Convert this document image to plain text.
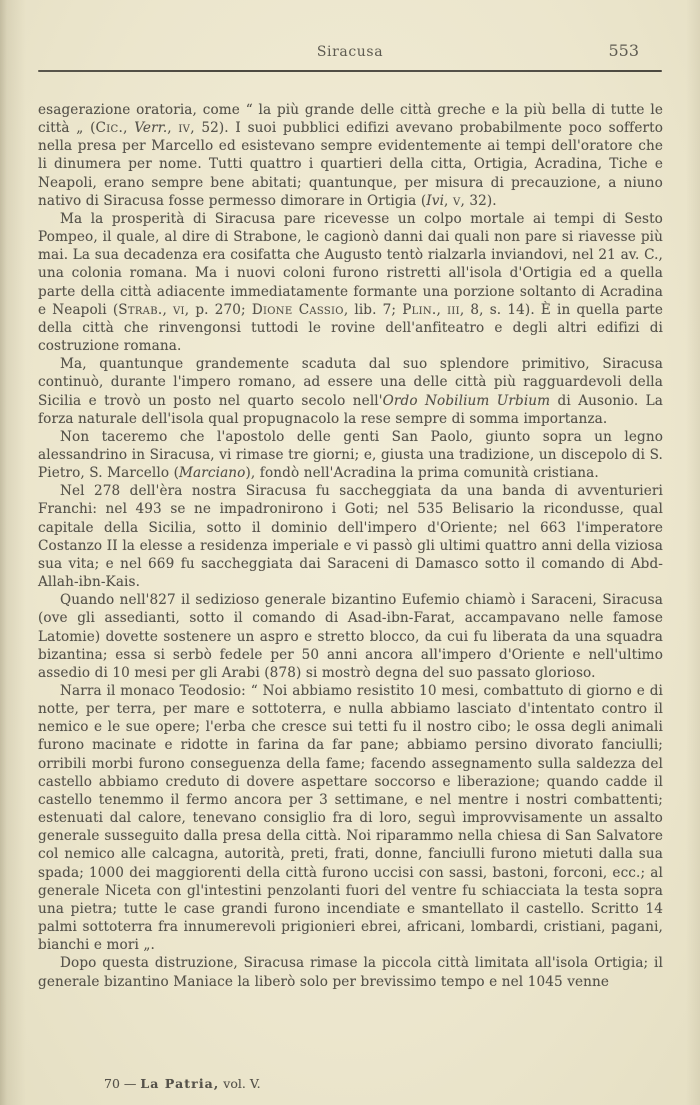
Siracusa	553

esagerazione oratoria, come “ la più grande delle città greche e la più bella di tutte le città „ (Cic., Verr., iv, 52). I suoi pubblici edifizi avevano probabilmente poco sofferto nella presa per Marcello ed esistevano sempre evidentemente ai tempi dell'oratore che li dinumera per nome. Tutti quattro i quartieri della citta, Ortigia, Acradina, Tiche e Neapoli, erano sempre bene abitati; quantunque, per misura di precauzione, a niuno nativo di Siracusa fosse permesso dimorare in Ortigia (Ivi, v, 32).

Ma la prosperità di Siracusa pare ricevesse un colpo mortale ai tempi di Sesto Pompeo, il quale, al dire di Strabone, le cagionò danni dai quali non pare si riavesse più mai. La sua decadenza era cosifatta che Augusto tentò rialzarla inviandovi, nel 21 av. C., una colonia romana. Ma i nuovi coloni furono ristretti all'isola d'Ortigia ed a quella parte della città adiacente immediatamente formante una porzione soltanto di Acradina e Neapoli (Strab., vi, p. 270; Dione Cassio, lib. 7; Plin., iii, 8, s. 14). È in quella parte della città che rinvengonsi tuttodi le rovine dell'anfiteatro e degli altri edifizi di costruzione romana.

Ma, quantunque grandemente scaduta dal suo splendore primitivo, Siracusa continuò, durante l'impero romano, ad essere una delle città più ragguardevoli della Sicilia e trovò un posto nel quarto secolo nell'Ordo Nobilium Urbium di Ausonio. La forza naturale dell'isola qual propugnacolo la rese sempre di somma importanza.

Non taceremo che l'apostolo delle genti San Paolo, giunto sopra un legno alessandrino in Siracusa, vi rimase tre giorni; e, giusta una tradizione, un discepolo di S. Pietro, S. Marcello (Marciano), fondò nell'Acradina la prima comunità cristiana.

Nel 278 dell'èra nostra Siracusa fu saccheggiata da una banda di avventurieri Franchi: nel 493 se ne impadronirono i Goti; nel 535 Belisario la ricondusse, qual capitale della Sicilia, sotto il dominio dell'impero d'Oriente; nel 663 l'imperatore Costanzo II la elesse a residenza imperiale e vi passò gli ultimi quattro anni della viziosa sua vita; e nel 669 fu saccheggiata dai Saraceni di Damasco sotto il comando di Abd-Allah-ibn-Kais.

Quando nell'827 il sedizioso generale bizantino Eufemio chiamò i Saraceni, Siracusa (ove gli assedianti, sotto il comando di Asad-ibn-Farat, accampavano nelle famose Latomie) dovette sostenere un aspro e stretto blocco, da cui fu liberata da una squadra bizantina; essa si serbò fedele per 50 anni ancora all'impero d'Oriente e nell'ultimo assedio di 10 mesi per gli Arabi (878) si mostrò degna del suo passato glorioso.

Narra il monaco Teodosio: “ Noi abbiamo resistito 10 mesi, combattuto di giorno e di notte, per terra, per mare e sottoterra, e nulla abbiamo lasciato d'intentato contro il nemico e le sue opere; l'erba che cresce sui tetti fu il nostro cibo; le ossa degli animali furono macinate e ridotte in farina da far pane; abbiamo persino divorato fanciulli; orribili morbi furono conseguenza della fame; facendo assegnamento sulla saldezza del castello abbiamo creduto di dovere aspettare soccorso e liberazione; quando cadde il castello tenemmo il fermo ancora per 3 settimane, e nel mentre i nostri combattenti; estenuati dal calore, tenevano consiglio fra di loro, seguì improvvisamente un assalto generale susseguito dalla presa della città. Noi riparammo nella chiesa di San Salvatore col nemico alle calcagna, autorità, preti, frati, donne, fanciulli furono mietuti dalla sua spada; 1000 dei maggiorenti della città furono uccisi con sassi, bastoni, forconi, ecc.; al generale Niceta con gl'intestini penzolanti fuori del ventre fu schiacciata la testa sopra una pietra; tutte le case grandi furono incendiate e smantellato il castello. Scritto 14 palmi sottoterra fra innumerevoli prigionieri ebrei, africani, lombardi, cristiani, pagani, bianchi e mori „.

Dopo questa distruzione, Siracusa rimase la piccola città limitata all'isola Ortigia; il generale bizantino Maniace la liberò solo per brevissimo tempo e nel 1045 venne

70 — La Patria, vol. V.
